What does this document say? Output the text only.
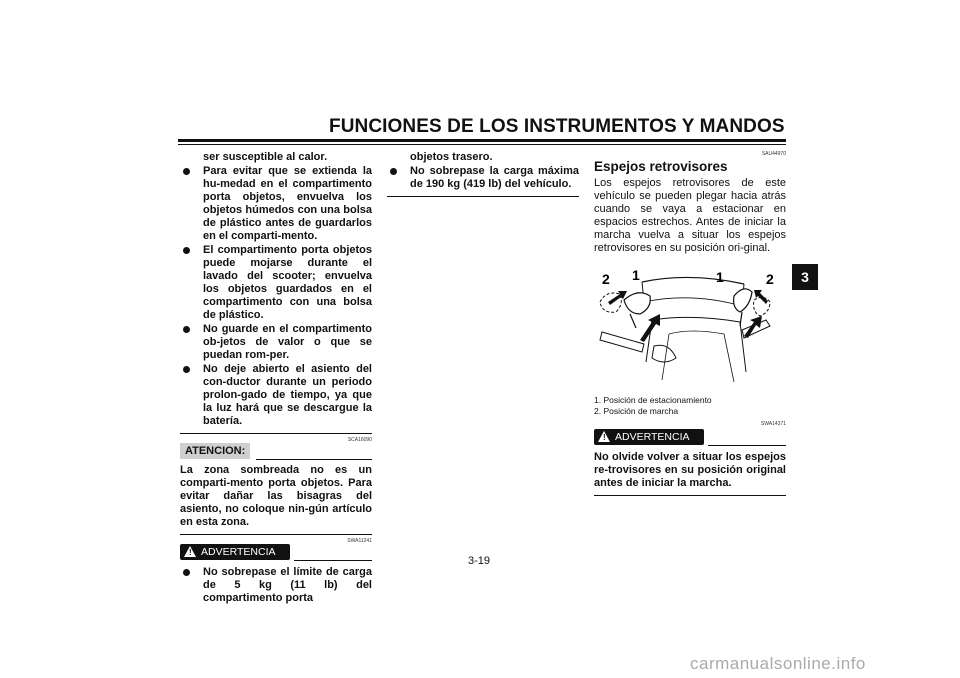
FUNCIONES DE LOS INSTRUMENTOS Y MANDOS
3
ser susceptible al calor.
Para evitar que se extienda la hu-medad en el compartimento porta objetos, envuelva los objetos húmedos con una bolsa de plástico antes de guardarlos en el comparti-mento.
El compartimento porta objetos puede mojarse durante el lavado del scooter; envuelva los objetos guardados en el compartimento con una bolsa de plástico.
No guarde en el compartimento ob-jetos de valor o que se puedan rom-per.
No deje abierto el asiento del con-ductor durante un periodo prolon-gado de tiempo, ya que la luz hará que se descargue la batería.
SCA16090
ATENCION:
La zona sombreada no es un comparti-mento porta objetos. Para evitar dañar las bisagras del asiento, no coloque nin-gún artículo en esta zona.
SWA11241
! ADVERTENCIA
No sobrepase el límite de carga de 5 kg (11 lb) del compartimento porta
objetos trasero.
No sobrepase la carga máxima de 190 kg (419 lb) del vehículo.
SAU44970
Espejos retrovisores
Los espejos retrovisores de este vehículo se pueden plegar hacia atrás cuando se vaya a estacionar en espacios estrechos. Antes de iniciar la marcha vuelva a situar los espejos retrovisores en su posición ori-ginal.
2 1	1	2
1. Posición de estacionamiento
2. Posición de marcha
SWA14371
! ADVERTENCIA
No olvide volver a situar los espejos re-trovisores en su posición original antes de iniciar la marcha.
3-19
carmanualsonline.info
